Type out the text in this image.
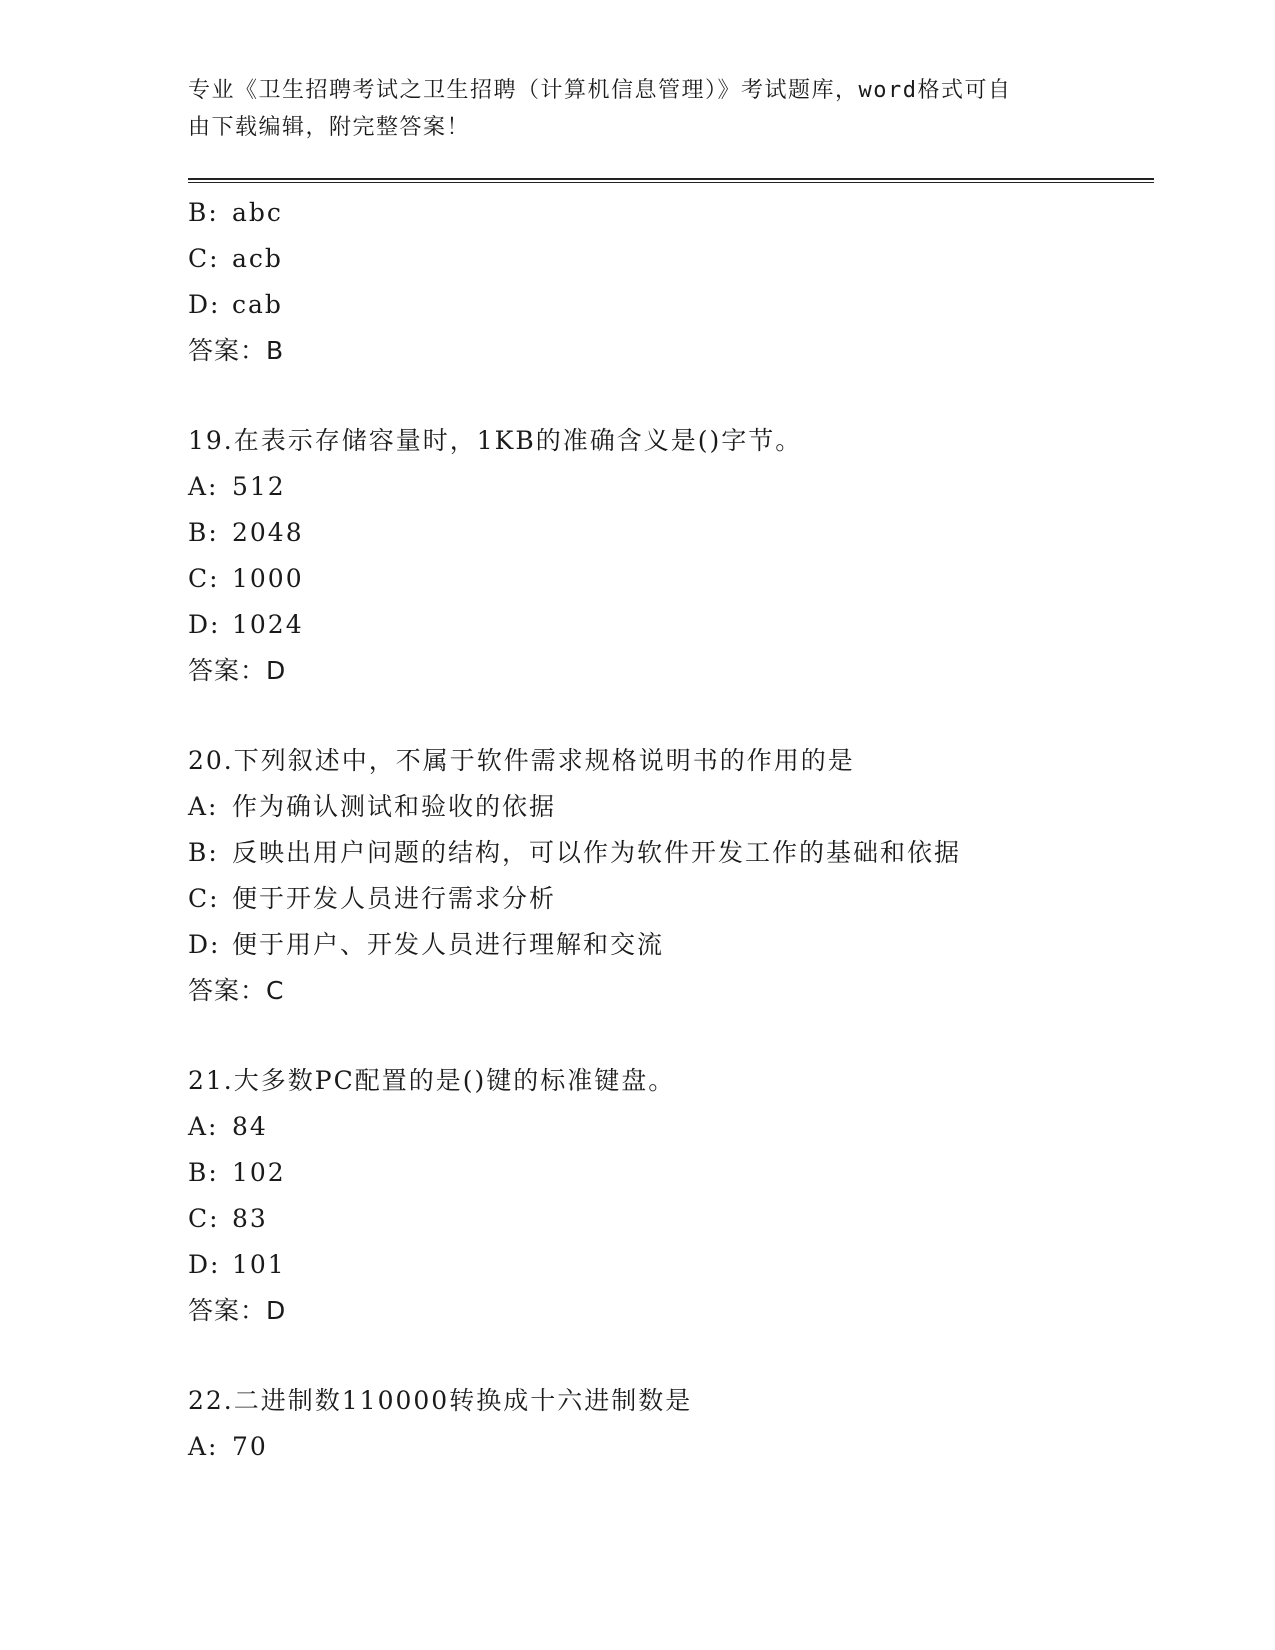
专业《卫生招聘考试之卫生招聘（计算机信息管理）》考试题库，word格式可自
由下载编辑，附完整答案！
B: abc
C: acb
D: cab
答案：B
19.在表示存储容量时，1KB的准确含义是()字节。
A: 512
B: 2048
C: 1000
D: 1024
答案：D
20.下列叙述中，不属于软件需求规格说明书的作用的是
A: 作为确认测试和验收的依据
B: 反映出用户问题的结构，可以作为软件开发工作的基础和依据
C: 便于开发人员进行需求分析
D: 便于用户、开发人员进行理解和交流
答案：C
21.大多数PC配置的是()键的标准键盘。
A: 84
B: 102
C: 83
D: 101
答案：D
22.二进制数110000转换成十六进制数是
A: 70
